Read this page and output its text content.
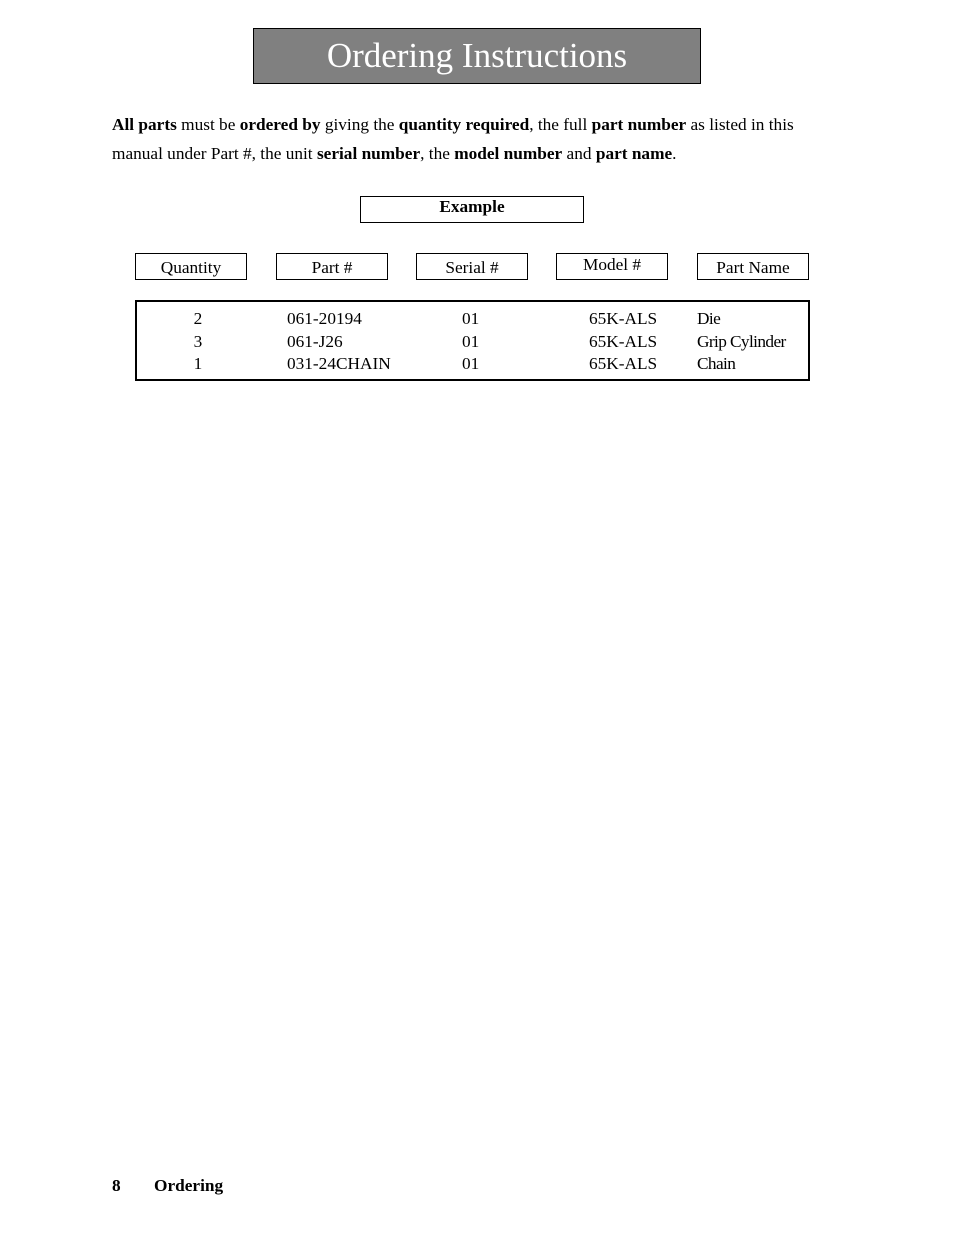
Ordering Instructions

All parts must be ordered by giving the quantity required, the full part number as listed in this manual under Part #, the unit serial number, the model number and part name.

Example
Quantity	Part #	Serial #	Model #	Part Name
2	061-20194	01	65K-ALS Die
3	061-J26	01	65K-ALS Grip Cylinder
1	031-24CHAIN	01	65K-ALS Chain
8 Ordering
